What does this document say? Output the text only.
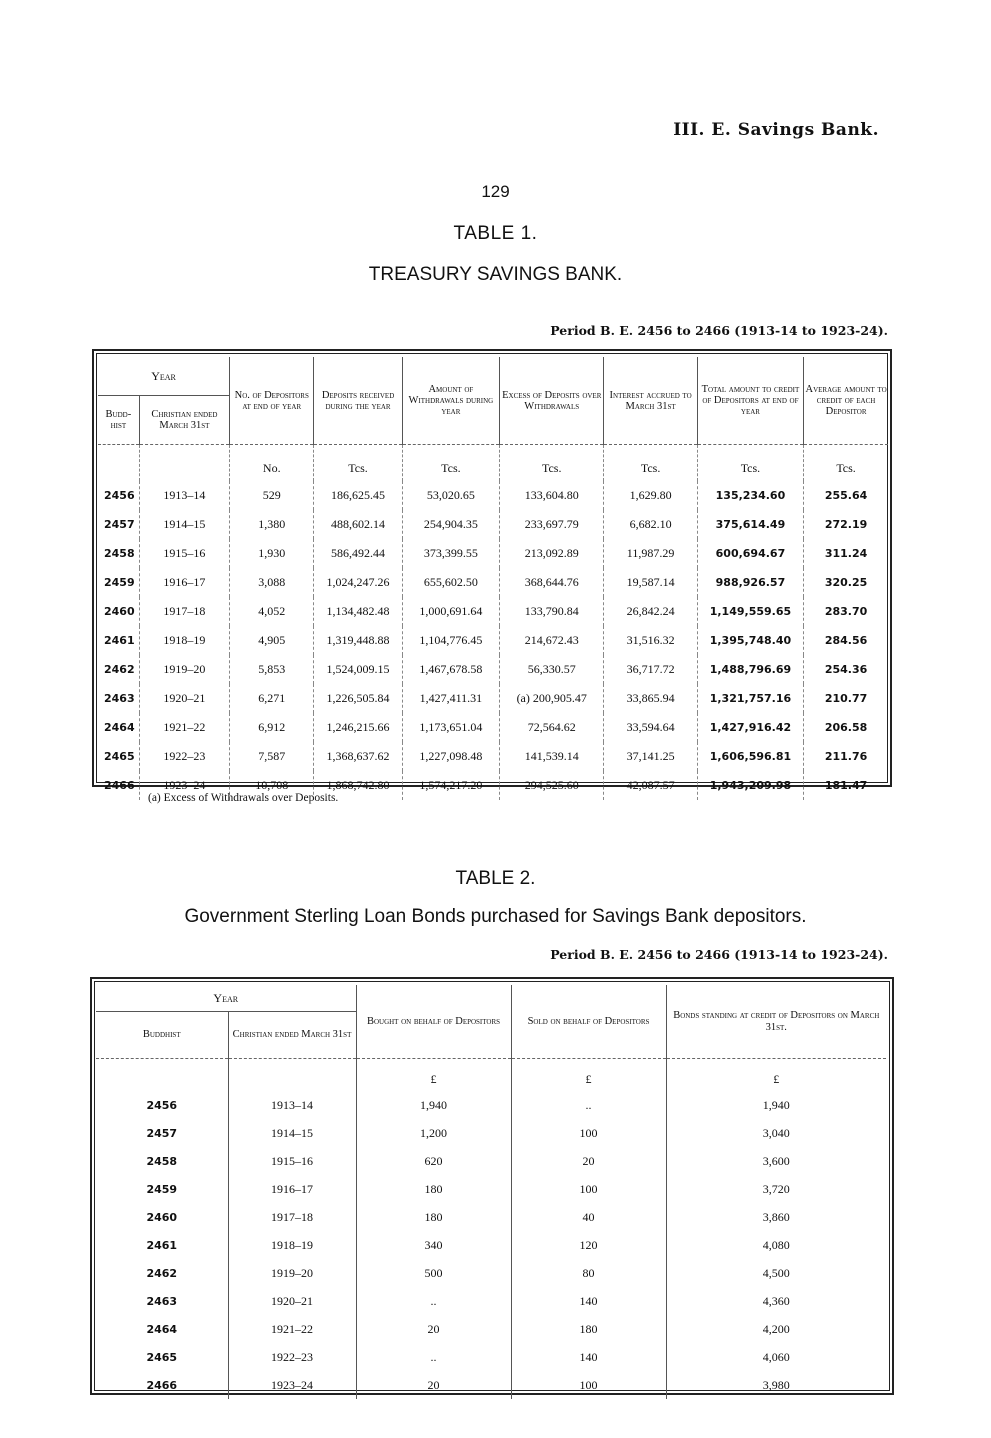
III. E. Savings Bank.
129
TABLE 1.
TREASURY SAVINGS BANK.
Period B. E. 2456 to 2466 (1913-14 to 1923-24).
Year		No. of Depositors at end of year	Deposits received during the year	Amount of Withdrawals during year	Excess of Deposits over Withdrawals	Interest accrued to March 31st	Total amount to credit of Depositors at end of year	Average amount to credit of each Depositor
Budd- hist	Christian ended March 31st							
		No.	Tcs.	Tcs.	Tcs.	Tcs.	Tcs.	Tcs.
2456	1913–14	529	186,625.45	53,020.65	133,604.80	1,629.80	135,234.60	255.64
2457	1914–15	1,380	488,602.14	254,904.35	233,697.79	6,682.10	375,614.49	272.19
2458	1915–16	1,930	586,492.44	373,399.55	213,092.89	11,987.29	600,694.67	311.24
2459	1916–17	3,088	1,024,247.26	655,602.50	368,644.76	19,587.14	988,926.57	320.25
2460	1917–18	4,052	1,134,482.48	1,000,691.64	133,790.84	26,842.24	1,149,559.65	283.70
2461	1918–19	4,905	1,319,448.88	1,104,776.45	214,672.43	31,516.32	1,395,748.40	284.56
2462	1919–20	5,853	1,524,009.15	1,467,678.58	56,330.57	36,717.72	1,488,796.69	254.36
2463	1920–21	6,271	1,226,505.84	1,427,411.31	(a) 200,905.47	33,865.94	1,321,757.16	210.77
2464	1921–22	6,912	1,246,215.66	1,173,651.04	72,564.62	33,594.64	1,427,916.42	206.58
2465	1922–23	7,587	1,368,637.62	1,227,098.48	141,539.14	37,141.25	1,606,596.81	211.76
2466	1923–24	10,708	1,868,742.80	1,574,217.20	294,525.60	42,087.57	1,943,209.98	181.47
(a) Excess of Withdrawals over Deposits.
TABLE 2.
Government Sterling Loan Bonds purchased for Savings Bank depositors.
Period B. E. 2456 to 2466 (1913-14 to 1923-24).
Year		Bought on behalf of Depositors	Sold on behalf of Depositors	Bonds standing at credit of Depositors on March 31st.
Buddhist	Christian ended March 31st			
		£	£	£
2456	1913–14	1,940	..	1,940
2457	1914–15	1,200	100	3,040
2458	1915–16	620	20	3,600
2459	1916–17	180	100	3,720
2460	1917–18	180	40	3,860
2461	1918–19	340	120	4,080
2462	1919–20	500	80	4,500
2463	1920–21	..	140	4,360
2464	1921–22	20	180	4,200
2465	1922–23	..	140	4,060
2466	1923–24	20	100	3,980
